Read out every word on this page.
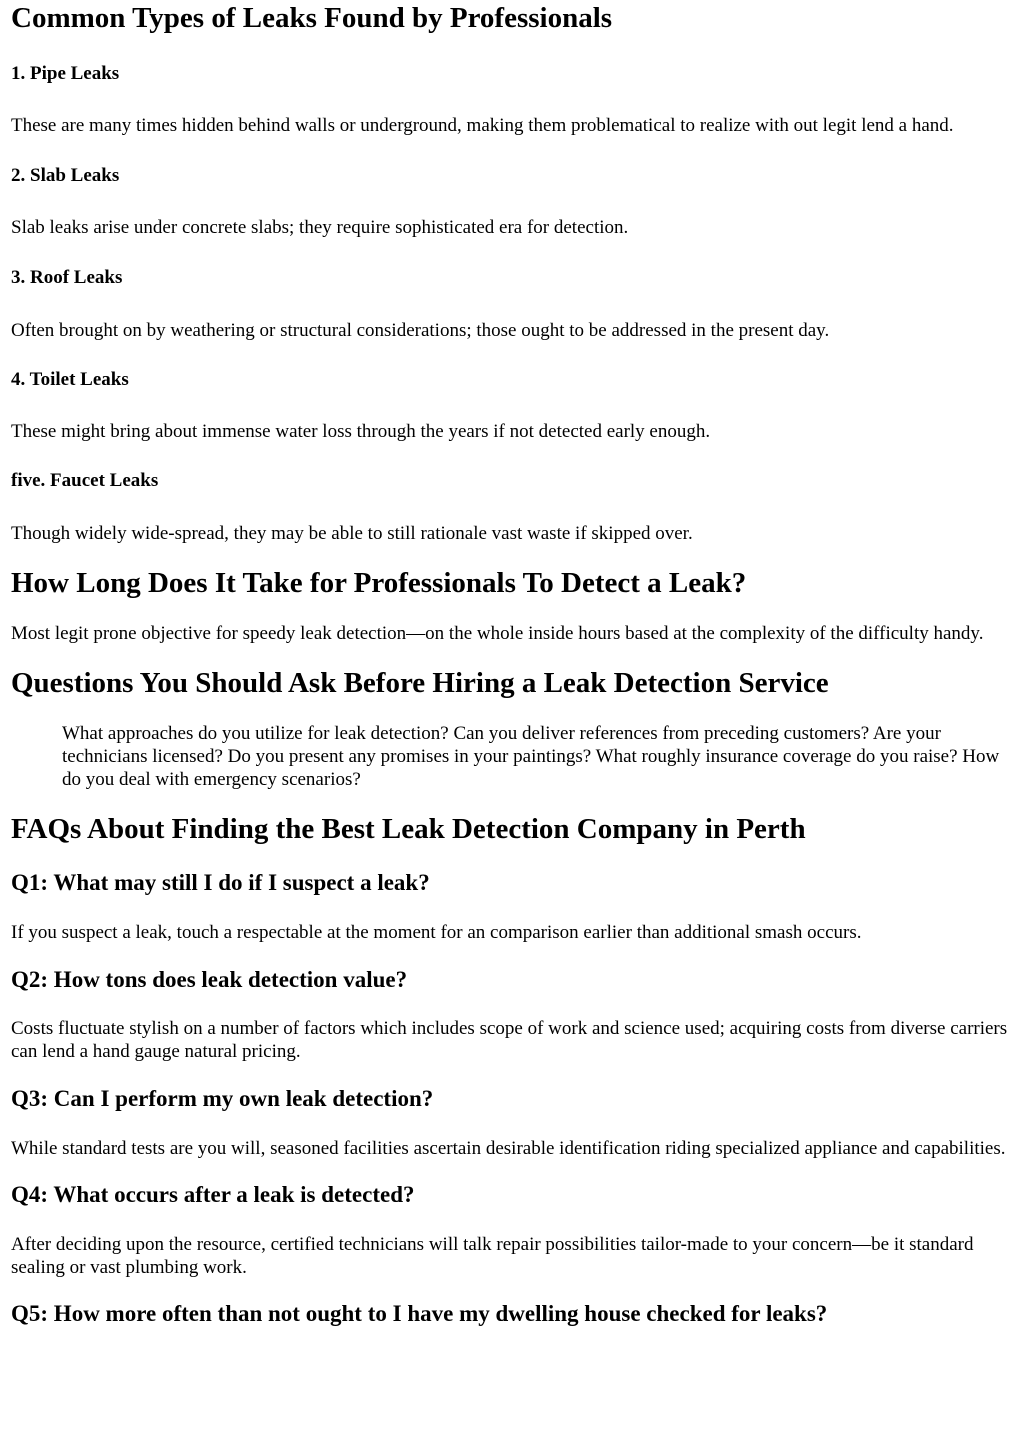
Common Types of Leaks Found by Professionals
1. Pipe Leaks

These are many times hidden behind walls or underground, making them problematical to realize with out legit lend a hand.

2. Slab Leaks

Slab leaks arise under concrete slabs; they require sophisticated era for detection.

3. Roof Leaks

Often brought on by weathering or structural considerations; those ought to be addressed in the present day.

4. Toilet Leaks

These might bring about immense water loss through the years if not detected early enough.

five. Faucet Leaks

Though widely wide-spread, they may be able to still rationale vast waste if skipped over.

How Long Does It Take for Professionals To Detect a Leak?

Most legit prone objective for speedy leak detection—on the whole inside hours based at the complexity of the difficulty handy.

Questions You Should Ask Before Hiring a Leak Detection Service
What approaches do you utilize for leak detection? Can you deliver references from preceding customers? Are your technicians licensed? Do you present any promises in your paintings? What roughly insurance coverage do you raise? How do you deal with emergency scenarios?
FAQs About Finding the Best Leak Detection Company in Perth
Q1: What may still I do if I suspect a leak?

If you suspect a leak, touch a respectable at the moment for an comparison earlier than additional smash occurs.

Q2: How tons does leak detection value?

Costs fluctuate stylish on a number of factors which includes scope of work and science used; acquiring costs from diverse carriers can lend a hand gauge natural pricing.

Q3: Can I perform my own leak detection?

While standard tests are you will, seasoned facilities ascertain desirable identification riding specialized appliance and capabilities.

Q4: What occurs after a leak is detected?

After deciding upon the resource, certified technicians will talk repair possibilities tailor-made to your concern—be it standard sealing or vast plumbing work.

Q5: How more often than not ought to I have my dwelling house checked for leaks?
